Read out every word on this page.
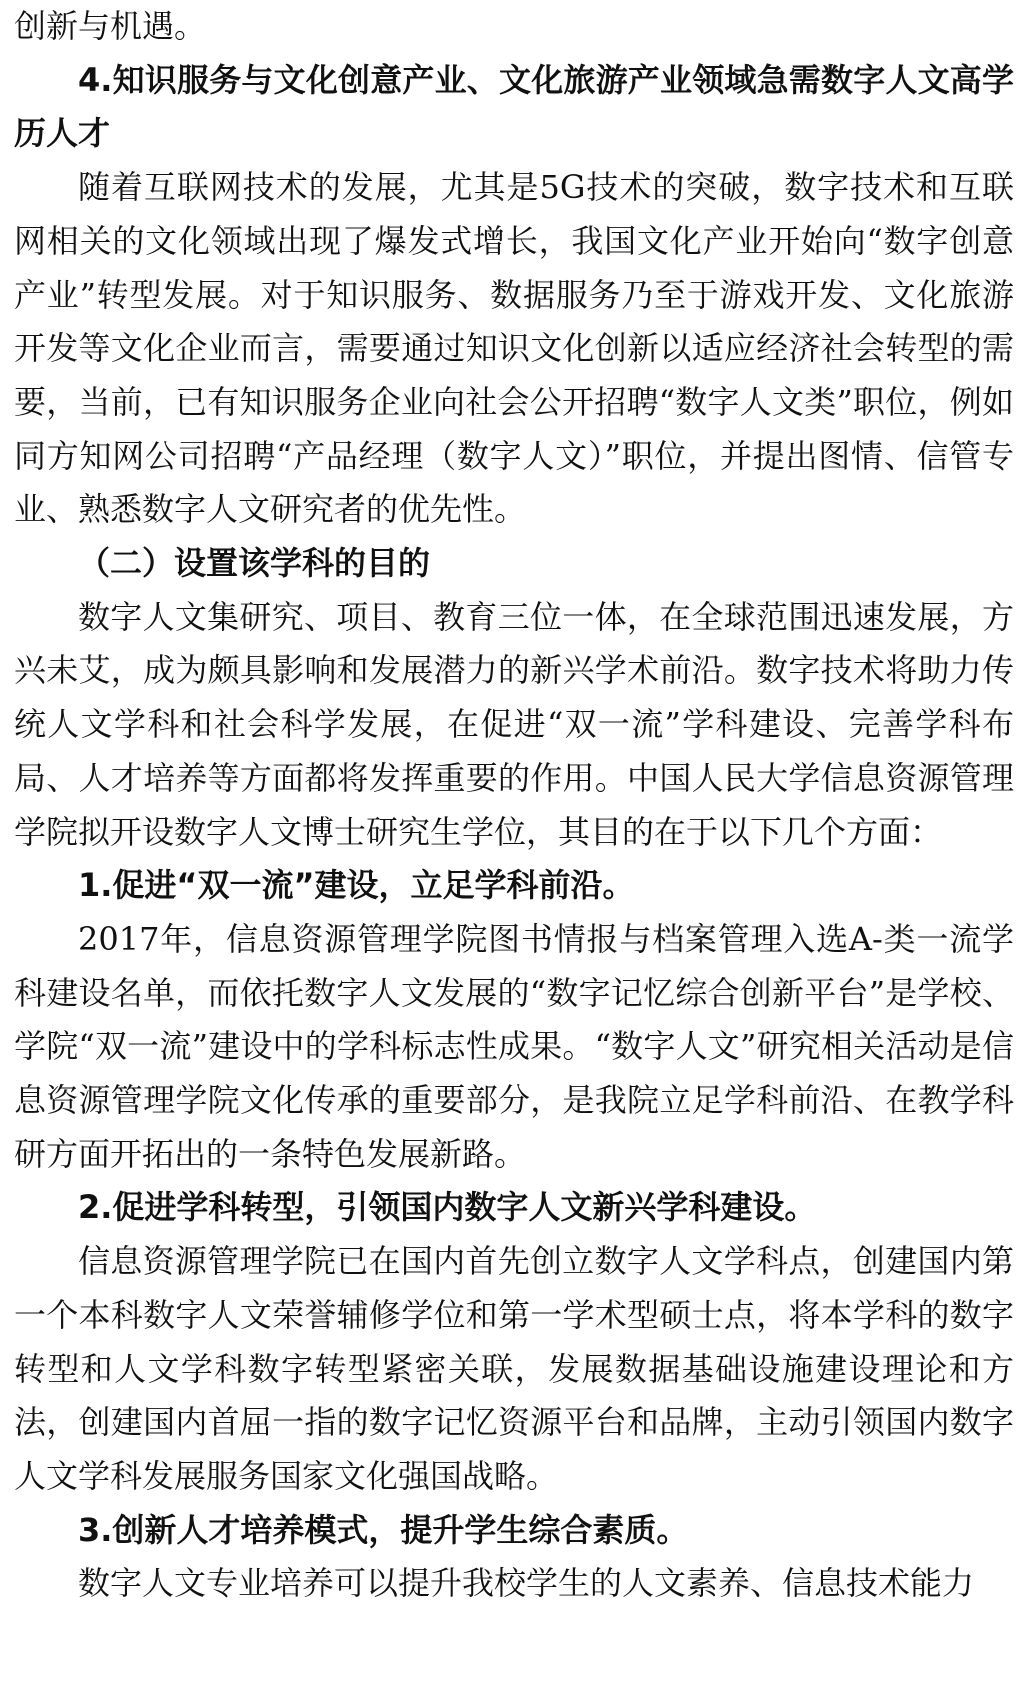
创新与机遇。

4.知识服务与文化创意产业、文化旅游产业领域急需数字人文高学历人才

随着互联网技术的发展，尤其是5G技术的突破，数字技术和互联网相关的文化领域出现了爆发式增长，我国文化产业开始向“数字创意产业”转型发展。对于知识服务、数据服务乃至于游戏开发、文化旅游开发等文化企业而言，需要通过知识文化创新以适应经济社会转型的需要，当前，已有知识服务企业向社会公开招聘“数字人文类”职位，例如同方知网公司招聘“产品经理（数字人文）”职位，并提出图情、信管专业、熟悉数字人文研究者的优先性。

（二）设置该学科的目的

数字人文集研究、项目、教育三位一体，在全球范围迅速发展，方兴未艾，成为颇具影响和发展潜力的新兴学术前沿。数字技术将助力传统人文学科和社会科学发展，在促进“双一流”学科建设、完善学科布局、人才培养等方面都将发挥重要的作用。中国人民大学信息资源管理学院拟开设数字人文博士研究生学位，其目的在于以下几个方面：

1.促进“双一流”建设，立足学科前沿。

2017年，信息资源管理学院图书情报与档案管理入选A-类一流学科建设名单，而依托数字人文发展的“数字记忆综合创新平台”是学校、学院“双一流”建设中的学科标志性成果。“数字人文”研究相关活动是信息资源管理学院文化传承的重要部分，是我院立足学科前沿、在教学科研方面开拓出的一条特色发展新路。

2.促进学科转型，引领国内数字人文新兴学科建设。

信息资源管理学院已在国内首先创立数字人文学科点，创建国内第一个本科数字人文荣誉辅修学位和第一学术型硕士点，将本学科的数字转型和人文学科数字转型紧密关联，发展数据基础设施建设理论和方法，创建国内首屈一指的数字记忆资源平台和品牌，主动引领国内数字人文学科发展服务国家文化强国战略。

3.创新人才培养模式，提升学生综合素质。

数字人文专业培养可以提升我校学生的人文素养、信息技术能力
